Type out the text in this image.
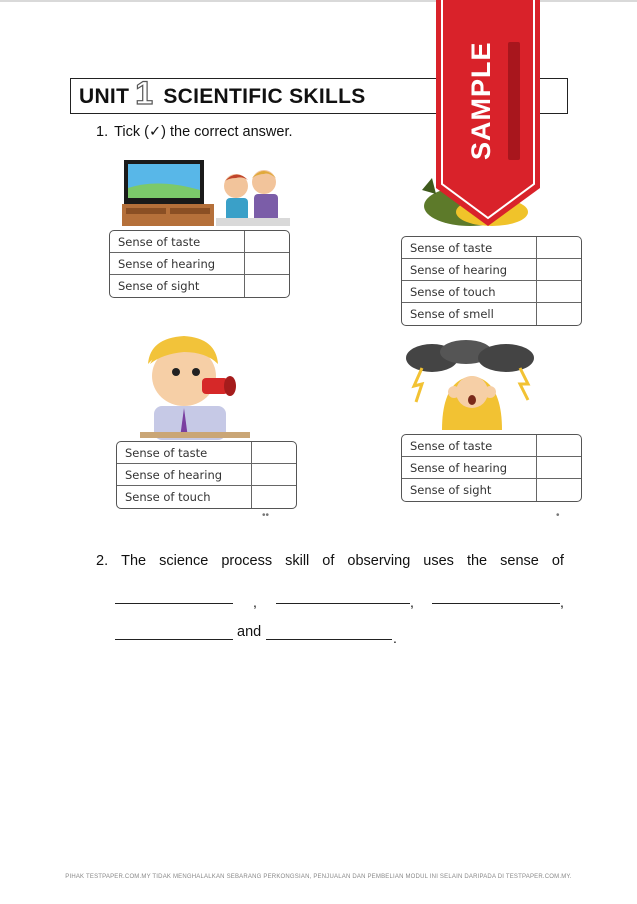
UNIT 1 SCIENTIFIC SKILLS
1. Tick (✓) the correct answer.
Sense of taste
Sense of hearing
Sense of sight
Sense of taste
Sense of hearing
Sense of touch
Sense of smell
Sense of taste
Sense of hearing
Sense of touch
Sense of taste
Sense of hearing
Sense of sight
2. The science process skill of observing uses the sense of
,	,	,
and	.
SAMPLE
••	•
PIHAK TESTPAPER.COM.MY TIDAK MENGHALALKAN SEBARANG PERKONGSIAN, PENJUALAN DAN PEMBELIAN MODUL INI SELAIN DARIPADA DI TESTPAPER.COM.MY.
